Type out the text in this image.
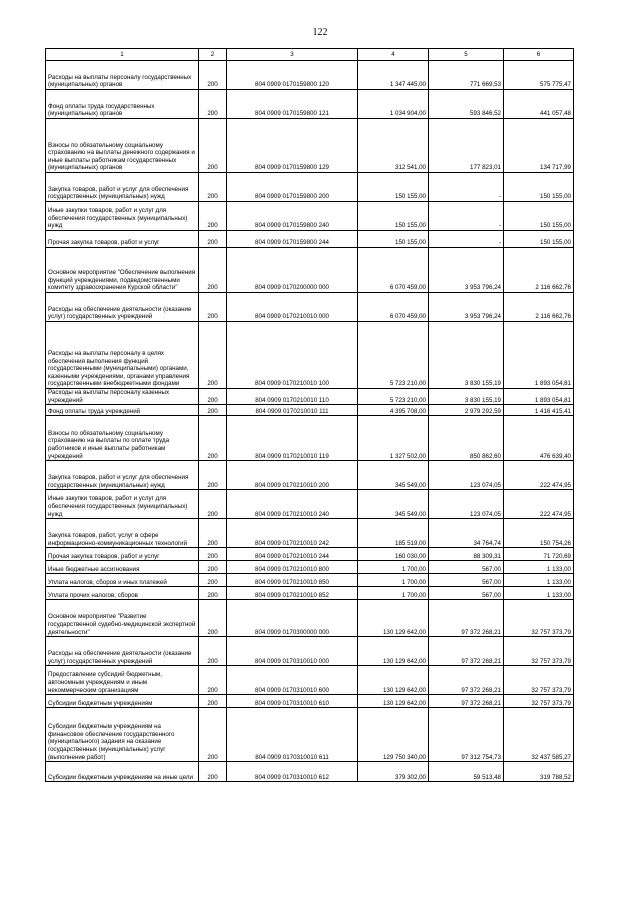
122
1	2	3	4	5	6
Расходы на выплаты персоналу государственных (муниципальных) органов	200	804 0909 0170159800 120	1 347 445,00	771 669,53	575 775,47
Фонд оплаты труда государственных (муниципальных) органов	200	804 0909 0170159800 121	1 034 904,00	593 846,52	441 057,48
Взносы по обязательному социальному страхованию на выплаты денежного содержания и иные выплаты работникам государственных (муниципальных) органов	200	804 0909 0170159800 129	312 541,00	177 823,01	134 717,99
Закупка товаров, работ и услуг для обеспечения государственных (муниципальных) нужд	200	804 0909 0170159800 200	150 155,00	-	150 155,00
Иные закупки товаров, работ и услуг для обеспечения государственных (муниципальных) нужд	200	804 0909 0170159800 240	150 155,00	-	150 155,00
Прочая закупка товаров, работ и услуг	200	804 0909 0170159800 244	150 155,00	-	150 155,00
Основное мероприятие "Обеспечение выполнения функций учреждениями, подведомственными комитету здравоохранения Курской области"	200	804 0909 0170200000 000	6 070 459,00	3 953 796,24	2 116 662,76
Расходы на обеспечение деятельности (оказание услуг) государственных учреждений	200	804 0909 0170210010 000	6 070 459,00	3 953 796,24	2 116 662,76
Расходы на выплаты персоналу в целях обеспечения выполнения функций государственными (муниципальными) органами, казенными учреждениями, органами управления государственными внебюджетными фондами	200	804 0909 0170210010 100	5 723 210,00	3 830 155,19	1 893 054,81
Расходы на выплаты персоналу казенных учреждений	200	804 0909 0170210010 110	5 723 210,00	3 830 155,19	1 893 054,81
Фонд оплаты труда учреждений	200	804 0909 0170210010 111	4 395 708,00	2 979 292,59	1 416 415,41
Взносы по обязательному социальному страхованию на выплаты по оплате труда работников и иные выплаты работникам учреждений	200	804 0909 0170210010 119	1 327 502,00	850 862,60	476 639,40
Закупка товаров, работ и услуг для обеспечения государственных (муниципальных) нужд	200	804 0909 0170210010 200	345 549,00	123 074,05	222 474,95
Иные закупки товаров, работ и услуг для обеспечения государственных (муниципальных) нужд	200	804 0909 0170210010 240	345 549,00	123 074,05	222 474,95
Закупка товаров, работ, услуг в сфере информационно-коммуникационных технологий	200	804 0909 0170210010 242	185 519,00	34 764,74	150 754,26
Прочая закупка товаров, работ и услуг	200	804 0909 0170210010 244	160 030,00	88 309,31	71 720,69
Иные бюджетные ассигнования	200	804 0909 0170210010 800	1 700,00	567,00	1 133,00
Уплата налогов, сборов и иных платежей	200	804 0909 0170210010 850	1 700,00	567,00	1 133,00
Уплата прочих налогов, сборов	200	804 0909 0170210010 852	1 700,00	567,00	1 133,00
Основное мероприятие "Развитие государственной судебно-медицинской экспертной деятельности"	200	804 0909 0170300000 000	130 129 642,00	97 372 268,21	32 757 373,79
Расходы на обеспечение деятельности (оказание услуг) государственных учреждений	200	804 0909 0170310010 000	130 129 642,00	97 372 268,21	32 757 373,79
Предоставление субсидий бюджетным, автономным учреждениям и иным некоммерческим организациям	200	804 0909 0170310010 600	130 129 642,00	97 372 268,21	32 757 373,79
Субсидии бюджетным учреждениям	200	804 0909 0170310010 610	130 129 642,00	97 372 268,21	32 757 373,79
Субсидии бюджетным учреждениям на финансовое обеспечение государственного (муниципального) задания на оказание государственных (муниципальных) услуг (выполнение работ)	200	804 0909 0170310010 611	129 750 340,00	97 312 754,73	32 437 585,27
Субсидии бюджетным учреждениям на иные цели	200	804 0909 0170310010 612	379 302,00	59 513,48	319 788,52
